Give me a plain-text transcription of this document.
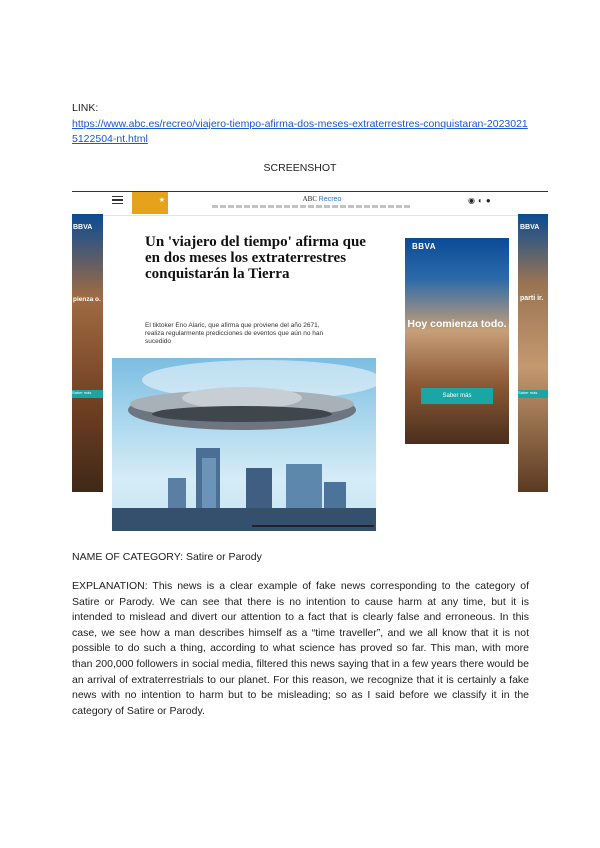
LINK:
https://www.abc.es/recreo/viajero-tiempo-afirma-dos-meses-extraterrestres-conquistaran-20230215122504-nt.html
SCREENSHOT
★	ABC Recreo	◉◐●
BBVA
pienza o.
Saber más
Un 'viajero del tiempo' afirma que en dos meses los extraterrestres conquistarán la Tierra
El tiktoker Eno Alaric, que afirma que proviene del año 2671, realiza regularmente predicciones de eventos que aún no han sucedido
BBVA
Hoy comienza todo.
Saber más
BBVA
parti ir.
Saber más
NAME OF CATEGORY: Satire or Parody
EXPLANATION: This news is a clear example of fake news corresponding to the category of Satire or Parody. We can see that there is no intention to cause harm at any time, but it is intended to mislead and divert our attention to a fact that is clearly false and erroneous. In this case, we see how a man describes himself as a “time traveller”, and we all know that it is not possible to do such a thing, according to what science has proved so far. This man, with more than 200,000 followers in social media, filtered this news saying that in a few years there would be an arrival of extraterrestrials to our planet. For this reason, we recognize that it is certainly a fake news with no intention to harm but to be misleading; so as I said before we classify it in the category of Satire or Parody.
